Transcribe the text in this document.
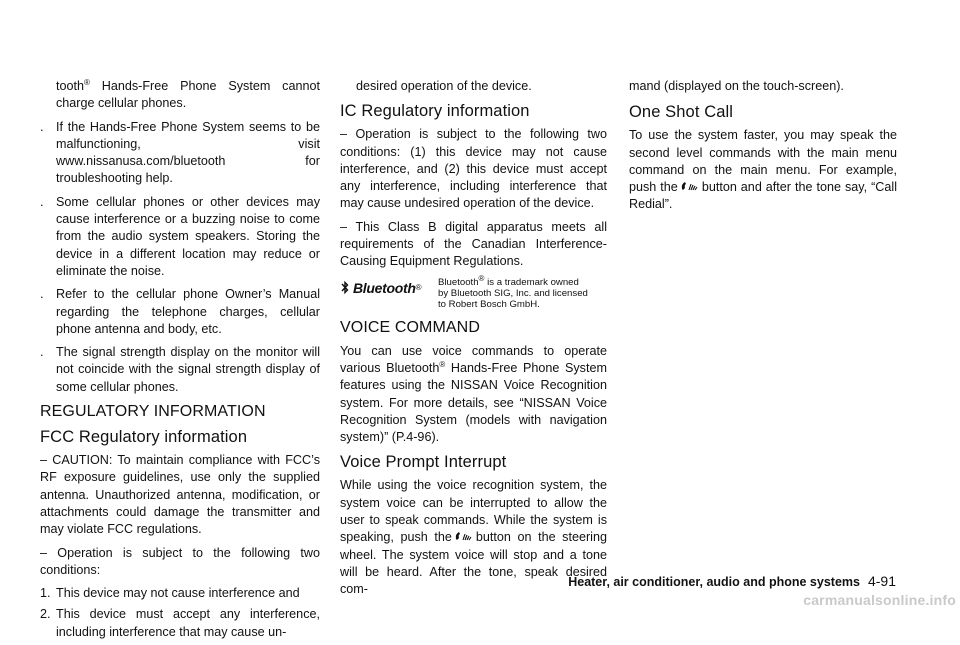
tooth® Hands-Free Phone System cannot charge cellular phones.

. If the Hands-Free Phone System seems to be malfunctioning, visit www.nissanusa.com/bluetooth for troubleshooting help.

. Some cellular phones or other devices may cause interference or a buzzing noise to come from the audio system speakers. Storing the device in a different location may reduce or eliminate the noise.

. Refer to the cellular phone Owner’s Manual regarding the telephone charges, cellular phone antenna and body, etc.

. The signal strength display on the monitor will not coincide with the signal strength display of some cellular phones.

REGULATORY INFORMATION
FCC Regulatory information

– CAUTION: To maintain compliance with FCC’s RF exposure guidelines, use only the supplied antenna. Unauthorized antenna, modification, or attachments could damage the transmitter and may violate FCC regulations.

– Operation is subject to the following two conditions:

1. This device may not cause interference and

2. This device must accept any interference, including interference that may cause un-

desired operation of the device.

IC Regulatory information

– Operation is subject to the following two conditions: (1) this device may not cause interference, and (2) this device must accept any interference, including interference that may cause undesired operation of the device.

– This Class B digital apparatus meets all requirements of the Canadian Interference-Causing Equipment Regulations.

Bluetooth ® Bluetooth® is a trademark owned by Bluetooth SIG, Inc. and licensed to Robert Bosch GmbH.
VOICE COMMAND

You can use voice commands to operate various Bluetooth® Hands-Free Phone System features using the NISSAN Voice Recognition system. For more details, see “NISSAN Voice Recognition System (models with navigation system)” (P.4-96).

Voice Prompt Interrupt

While using the voice recognition system, the system voice can be interrupted to allow the user to speak commands. While the system is speaking, push the button on the steering wheel. The system voice will stop and a tone will be heard. After the tone, speak desired com-

mand (displayed on the touch-screen).

One Shot Call

To use the system faster, you may speak the second level commands with the main menu command on the main menu. For example, push the button and after the tone say, “Call Redial”.

Heater, air conditioner, audio and phone systems 4-91
carmanualsonline.info
